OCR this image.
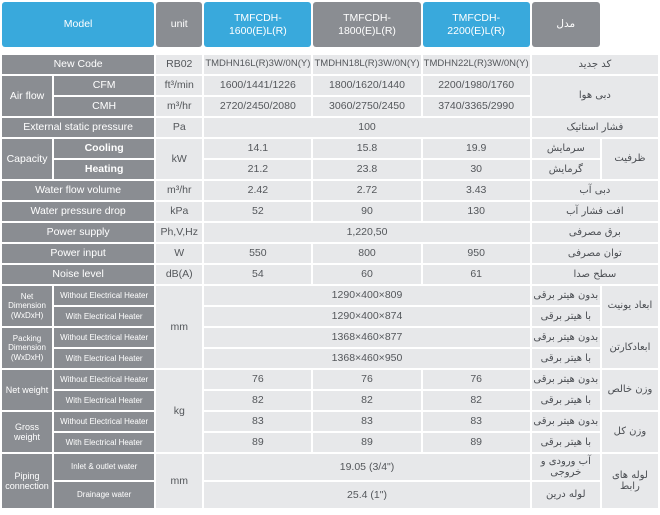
Model		unit	TMFCDH-1600(E)L(R)	TMFCDH-1800(E)L(R)	TMFCDH-2200(E)L(R)	مدل	

New Code		RB02	TMDHN16L(R)3W/0N(Y)	TMDHN18L(R)3W/0N(Y)	TMDHN22L(R)3W/0N(Y)	کد جدید	
Air flow	CFM	ft³/min	1600/1441/1226	1800/1620/1440	2200/1980/1760	دبی هوا	
	CMH	m³/hr	2720/2450/2080	3060/2750/2450	3740/3365/2990		
External static pressure		Pa	100			فشار استاتیک	
Capacity	Cooling	kW	14.1	15.8	19.9	سرمایش	ظرفیت
	Heating		21.2	23.8	30	گرمایش	
Water flow volume		m³/hr	2.42	2.72	3.43	دبی آب	
Water pressure drop		kPa	52	90	130	افت فشار آب	
Power supply		Ph,V,Hz	1,220,50			برق مصرفی	
Power input		W	550	800	950	توان مصرفی	
Noise level		dB(A)	54	60	61	سطح صدا	
Net Dimension (WxDxH)	Without Electrical Heater	mm	1290×400×809			بدون هیتر برقی	ابعاد یونیت
	With Electrical Heater		1290×400×874			با هیتر برقی	
Packing Dimension (WxDxH)	Without Electrical Heater		1368×460×877			بدون هیتر برقی	ابعادکارتن
	With Electrical Heater		1368×460×950			با هیتر برقی	
Net weight	Without Electrical Heater	kg	76	76	76	بدون هیتر برقی	وزن خالص
	With Electrical Heater		82	82	82	با هیتر برقی	
Gross weight	Without Electrical Heater		83	83	83	بدون هیتر برقی	وزن کل
	With Electrical Heater		89	89	89	با هیتر برقی	
Piping connection	Inlet & outlet water	mm	19.05 (3/4")			آب ورودی و خروجی	لوله های رابط
	Drainage water		25.4 (1")			لوله درین	
